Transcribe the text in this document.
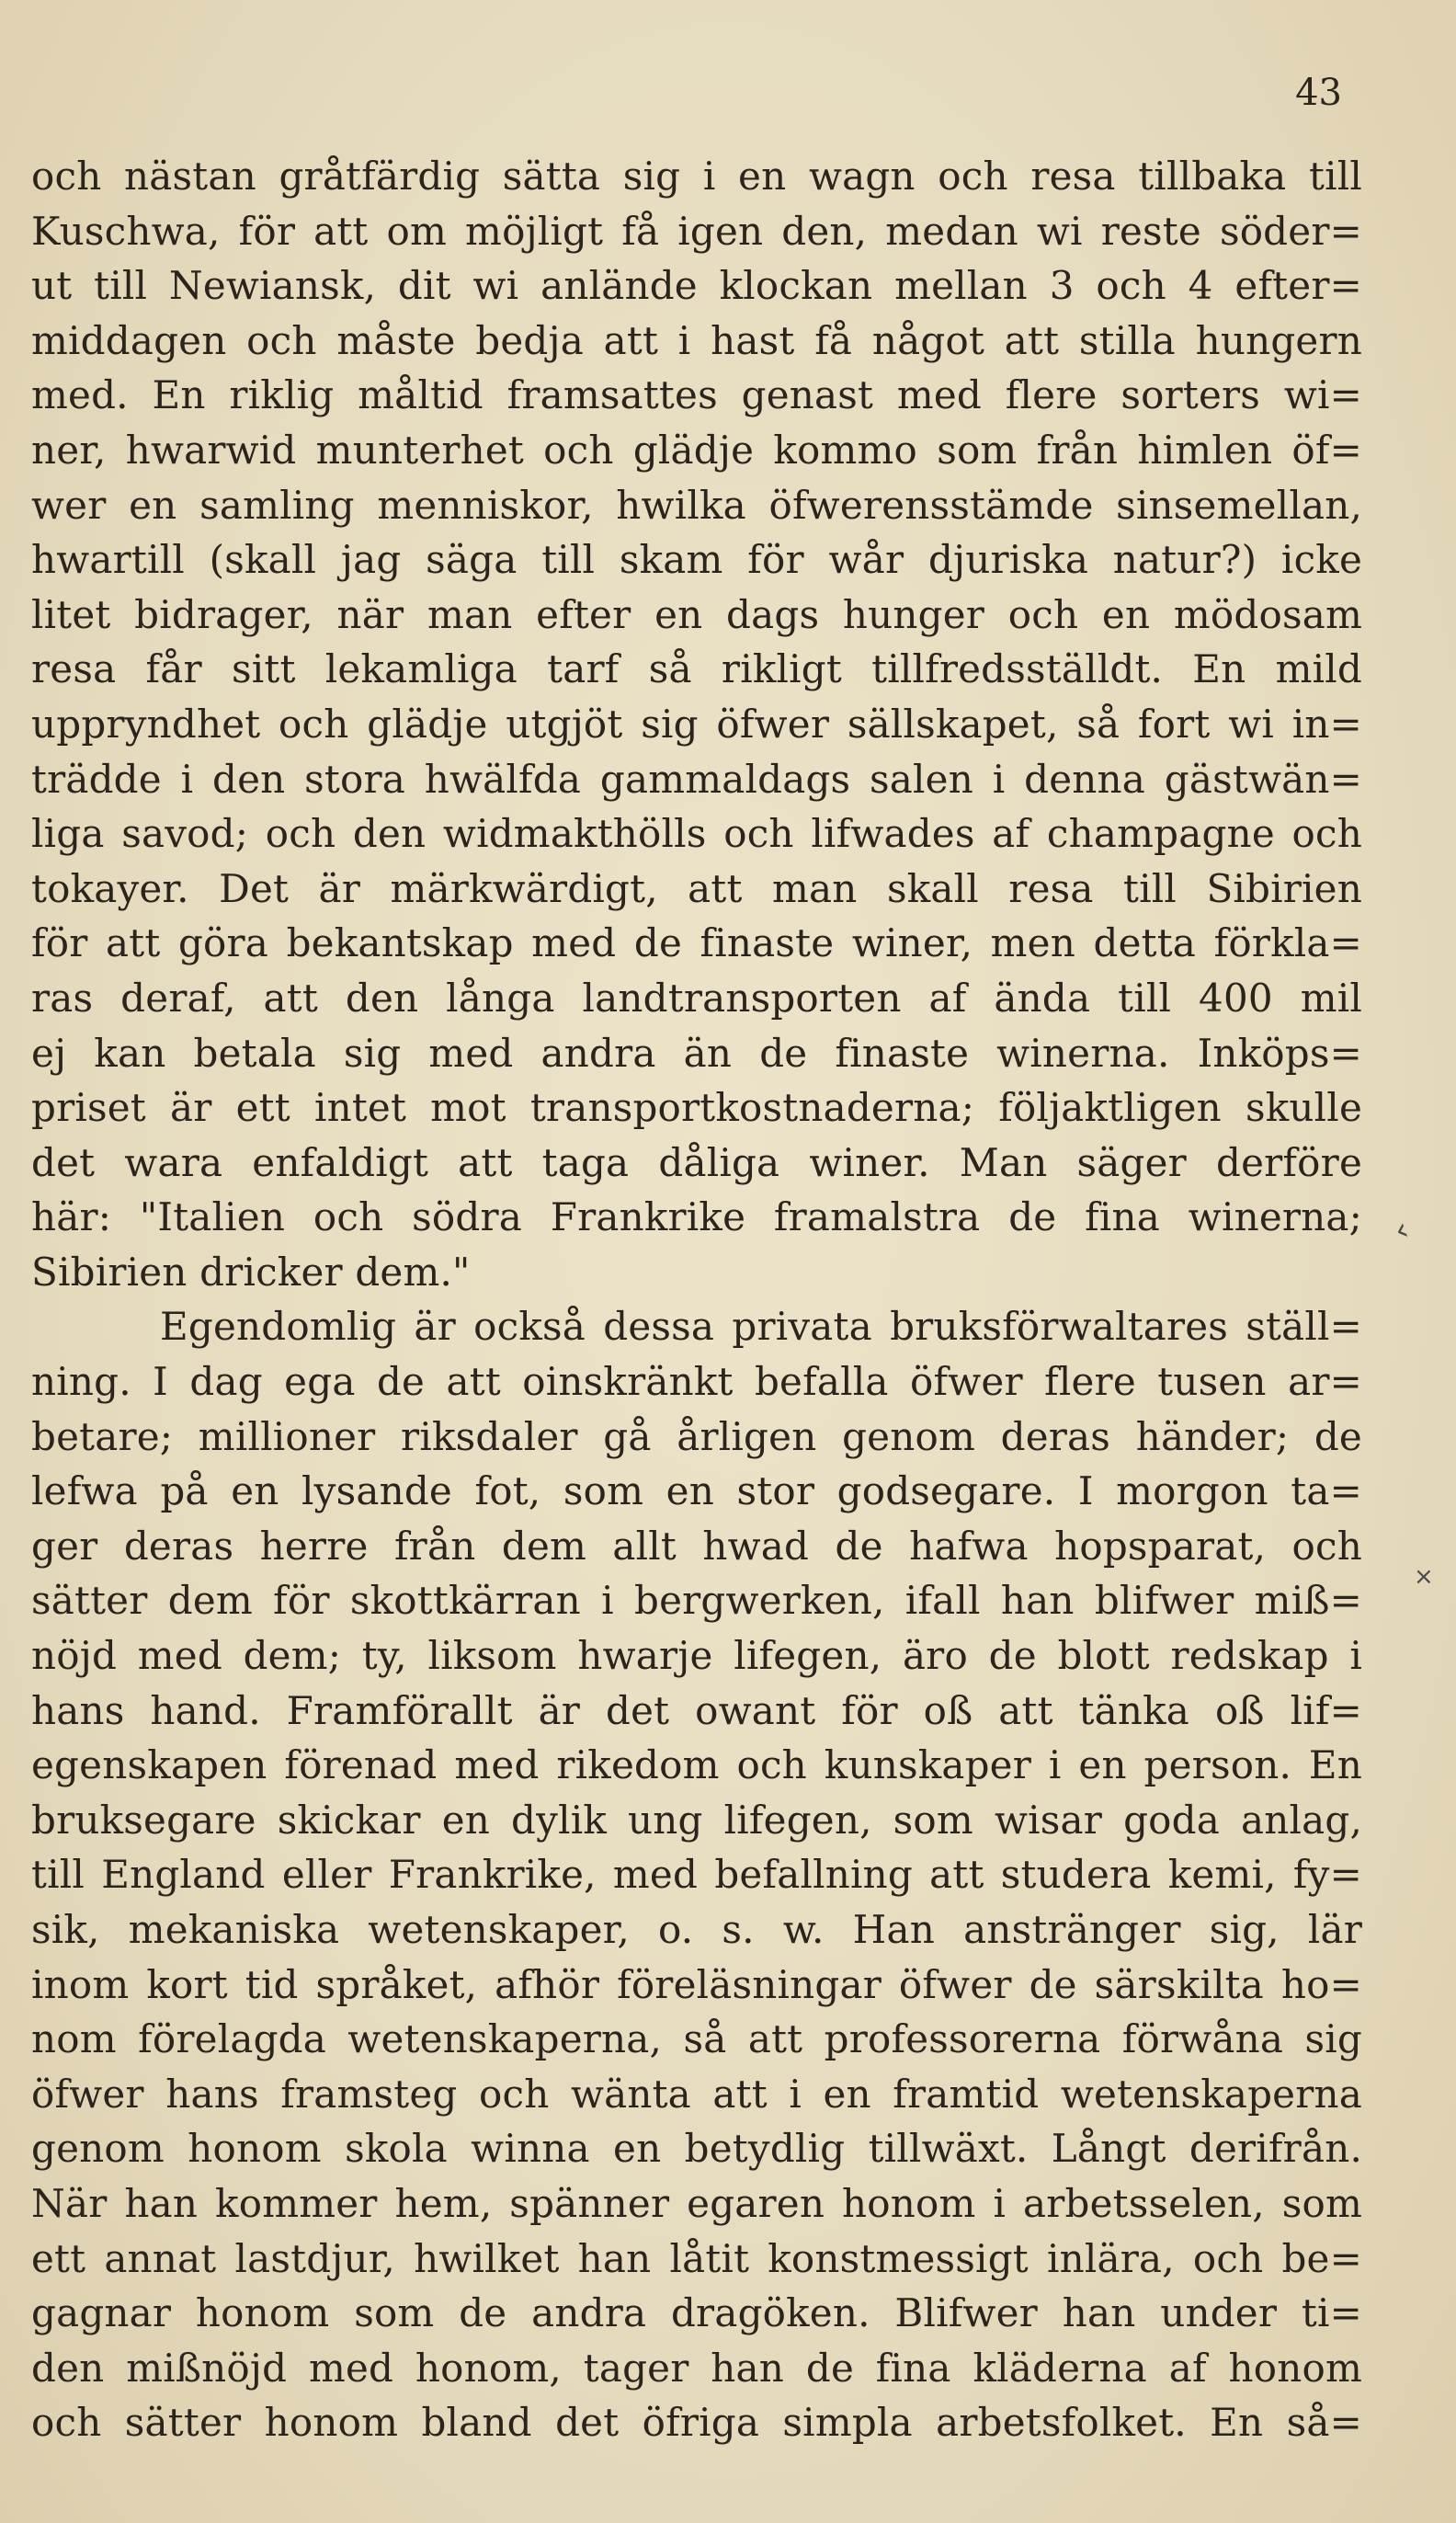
43
och nästan gråtfärdig sätta sig i en wagn och resa tillbaka till
Kuschwa, för att om möjligt få igen den, medan wi reste söder=
ut till Newiansk, dit wi anlände klockan mellan 3 och 4 efter=
middagen och måste bedja att i hast få något att stilla hungern
med. En riklig måltid framsattes genast med flere sorters wi=
ner, hwarwid munterhet och glädje kommo som från himlen öf=
wer en samling menniskor, hwilka öfwerensstämde sinsemellan,
hwartill (skall jag säga till skam för wår djuriska natur?) icke
litet bidrager, när man efter en dags hunger och en mödosam
resa får sitt lekamliga tarf så rikligt tillfredsställdt. En mild
uppryndhet och glädje utgjöt sig öfwer sällskapet, så fort wi in=
trädde i den stora hwälfda gammaldags salen i denna gästwän=
liga savod; och den widmakthölls och lifwades af champagne och
tokayer. Det är märkwärdigt, att man skall resa till Sibirien
för att göra bekantskap med de finaste winer, men detta förkla=
ras deraf, att den långa landtransporten af ända till 400 mil
ej kan betala sig med andra än de finaste winerna. Inköps=
priset är ett intet mot transportkostnaderna; följaktligen skulle
det wara enfaldigt att taga dåliga winer. Man säger derföre
här: "Italien och södra Frankrike framalstra de fina winerna;
Sibirien dricker dem."
Egendomlig är också dessa privata bruksförwaltares ställ=
ning. I dag ega de att oinskränkt befalla öfwer flere tusen ar=
betare; millioner riksdaler gå årligen genom deras händer; de
lefwa på en lysande fot, som en stor godsegare. I morgon ta=
ger deras herre från dem allt hwad de hafwa hopsparat, och
sätter dem för skottkärran i bergwerken, ifall han blifwer miß=
nöjd med dem; ty, liksom hwarje lifegen, äro de blott redskap i
hans hand. Framförallt är det owant för oß att tänka oß lif=
egenskapen förenad med rikedom och kunskaper i en person. En
bruksegare skickar en dylik ung lifegen, som wisar goda anlag,
till England eller Frankrike, med befallning att studera kemi, fy=
sik, mekaniska wetenskaper, o. s. w. Han anstränger sig, lär
inom kort tid språket, afhör föreläsningar öfwer de särskilta ho=
nom förelagda wetenskaperna, så att professorerna förwåna sig
öfwer hans framsteg och wänta att i en framtid wetenskaperna
genom honom skola winna en betydlig tillwäxt. Långt derifrån.
När han kommer hem, spänner egaren honom i arbetsselen, som
ett annat lastdjur, hwilket han låtit konstmessigt inlära, och be=
gagnar honom som de andra dragöken. Blifwer han under ti=
den mißnöjd med honom, tager han de fina kläderna af honom
och sätter honom bland det öfriga simpla arbetsfolket. En så=
‹
×
